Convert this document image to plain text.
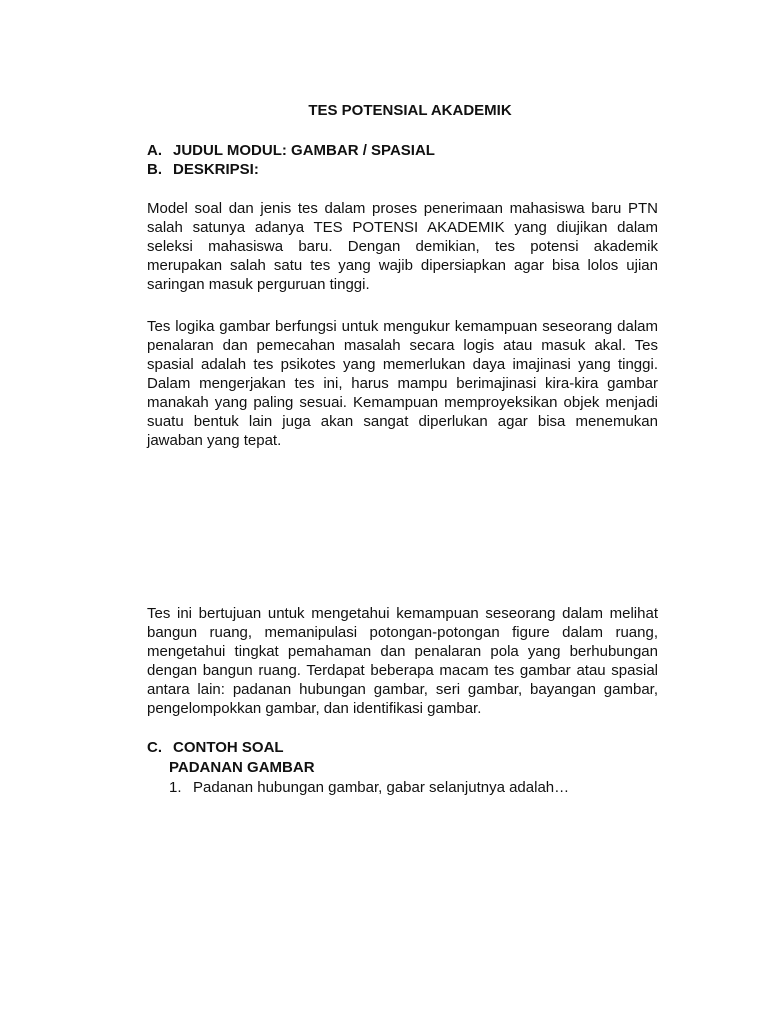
TES POTENSIAL AKADEMIK
A. JUDUL MODUL: GAMBAR / SPASIAL
B. DESKRIPSI:

Model soal dan jenis tes dalam proses penerimaan mahasiswa baru PTN salah satunya adanya TES POTENSI AKADEMIK yang diujikan dalam seleksi mahasiswa baru. Dengan demikian, tes potensi akademik merupakan salah satu tes yang wajib dipersiapkan agar bisa lolos ujian saringan masuk perguruan tinggi.

Tes logika gambar berfungsi untuk mengukur kemampuan seseorang dalam penalaran dan pemecahan masalah secara logis atau masuk akal. Tes spasial adalah tes psikotes yang memerlukan daya imajinasi yang tinggi. Dalam mengerjakan tes ini, harus mampu berimajinasi kira-kira gambar manakah yang paling sesuai. Kemampuan memproyeksikan objek menjadi suatu bentuk lain juga akan sangat diperlukan agar bisa menemukan jawaban yang tepat.

Tes ini bertujuan untuk mengetahui kemampuan seseorang dalam melihat bangun ruang, memanipulasi potongan-potongan figure dalam ruang, mengetahui tingkat pemahaman dan penalaran pola yang berhubungan dengan bangun ruang. Terdapat beberapa macam tes gambar atau spasial antara lain: padanan hubungan gambar, seri gambar, bayangan gambar, pengelompokkan gambar, dan identifikasi gambar.

C. CONTOH SOAL
PADANAN GAMBAR
1. Padanan hubungan gambar, gabar selanjutnya adalah…
